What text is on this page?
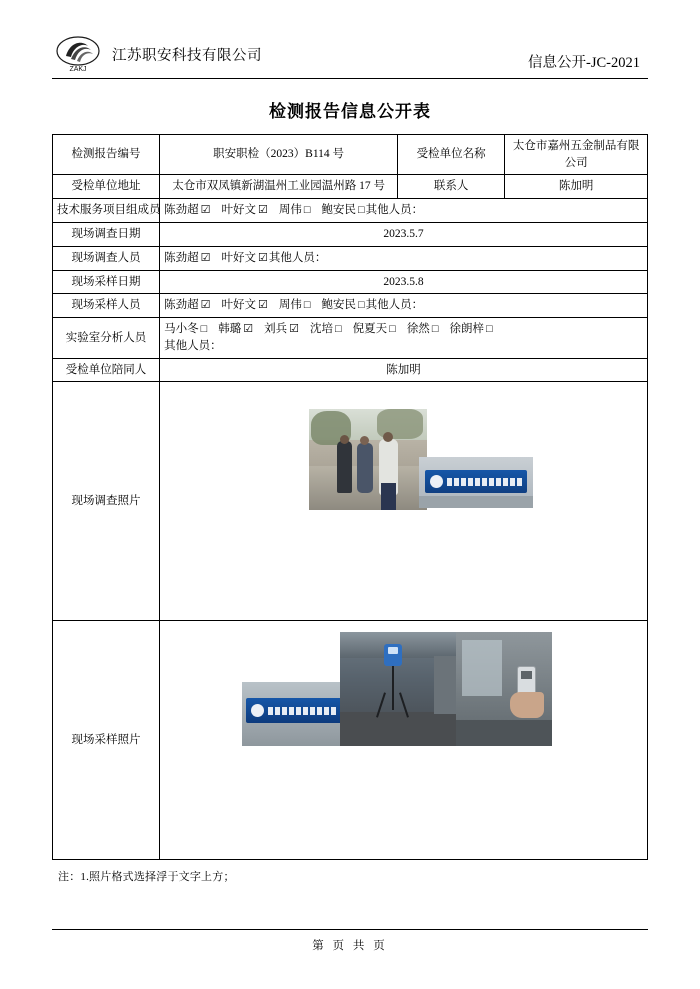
ZAKJ
江苏职安科技有限公司	信息公开-JC-2021
检测报告信息公开表
检测报告编号	职安职检（2023）B114 号	受检单位名称	太仓市嘉州五金制品有限公司
受检单位地址	太仓市双凤镇新湖温州工业园温州路 17 号	联系人	陈加明
技术服务项目组成员	陈劲超 ☑ 叶好文 ☑ 周伟 □ 鲍安民 □其他人员：		
现场调查日期	2023.5.7		
现场调查人员	陈劲超 ☑ 叶好文 ☑其他人员：		
现场采样日期	2023.5.8		
现场采样人员	陈劲超 ☑ 叶好文 ☑ 周伟 □ 鲍安民 □其他人员：		
实验室分析人员	马小冬 □ 韩璐 ☑ 刘兵 ☑ 沈培 □ 倪夏天 □ 徐然 □ 徐朗梓 □
其他人员：		

受检单位陪同人	陈加明		
现场调查照片			

现场采样照片			
注：1.照片格式选择浮于文字上方；
第 页 共 页
